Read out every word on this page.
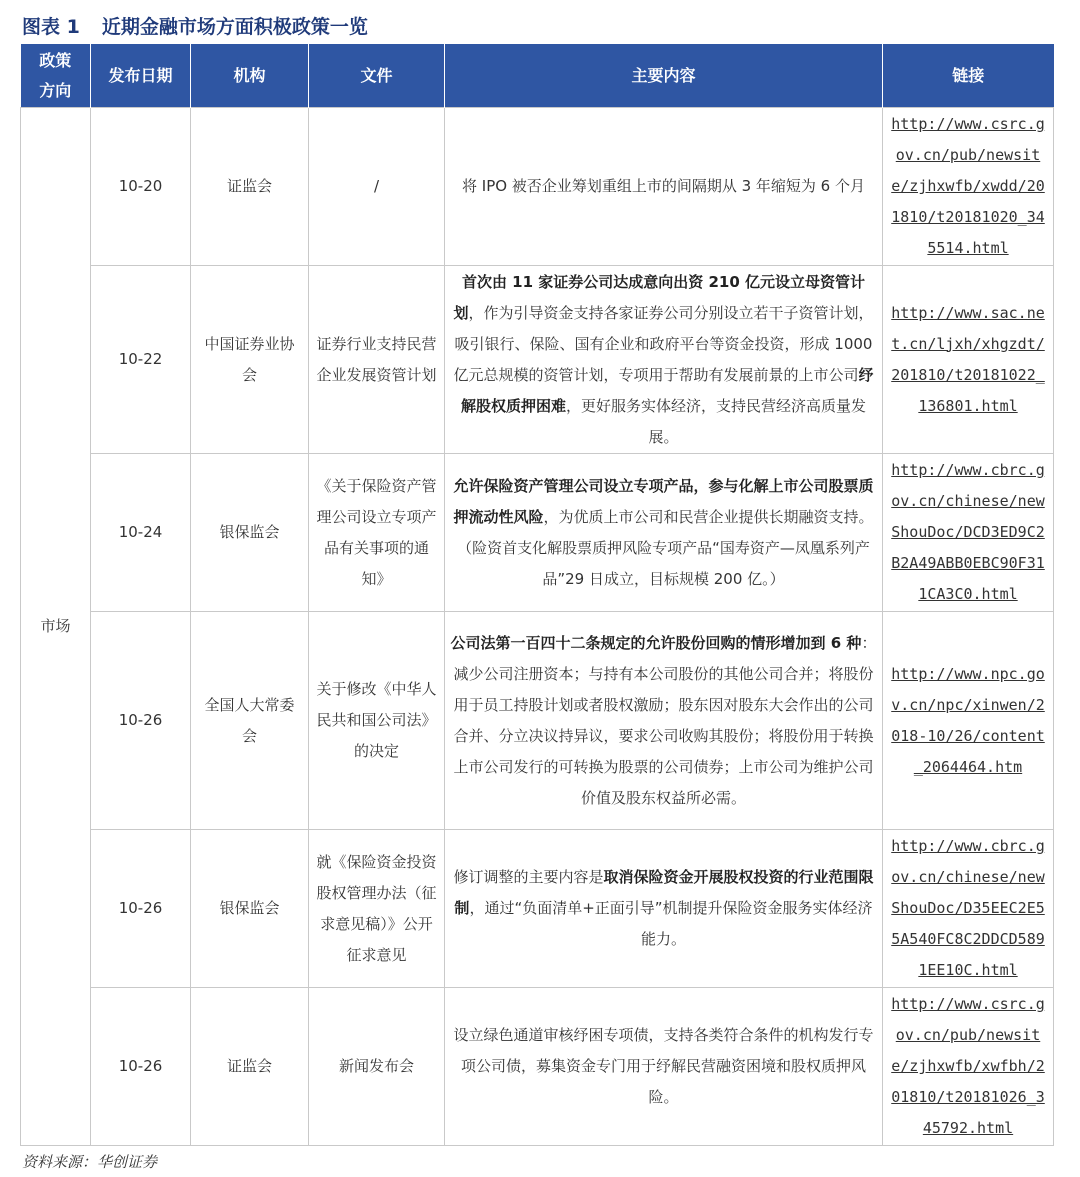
图表 1 近期金融市场方面积极政策一览
政策方向	发布日期	机构	文件	主要内容	链接
市场	10-20	证监会	/	将 IPO 被否企业筹划重组上市的间隔期从 3 年缩短为 6 个月	http://www.csrc.gov.cn/pub/newsite/zjhxwfb/xwdd/201810/t20181020_345514.html
	10-22	中国证券业协会	证券行业支持民营企业发展资管计划	首次由 11 家证券公司达成意向出资 210 亿元设立母资管计划，作为引导资金支持各家证券公司分别设立若干子资管计划，吸引银行、保险、国有企业和政府平台等资金投资，形成 1000 亿元总规模的资管计划，专项用于帮助有发展前景的上市公司纾解股权质押困难，更好服务实体经济，支持民营经济高质量发展。	http://www.sac.net.cn/ljxh/xhgzdt/201810/t20181022_136801.html
	10-24	银保监会	《关于保险资产管理公司设立专项产品有关事项的通知》	允许保险资产管理公司设立专项产品，参与化解上市公司股票质押流动性风险，为优质上市公司和民营企业提供长期融资支持。（险资首支化解股票质押风险专项产品“国寿资产—凤凰系列产品”29 日成立，目标规模 200 亿。）	http://www.cbrc.gov.cn/chinese/newShouDoc/DCD3ED9C2B2A49ABB0EBC90F311CA3C0.html
	10-26	全国人大常委会	关于修改《中华人民共和国公司法》的决定	公司法第一百四十二条规定的允许股份回购的情形增加到 6 种：减少公司注册资本；与持有本公司股份的其他公司合并；将股份用于员工持股计划或者股权激励；股东因对股东大会作出的公司合并、分立决议持异议，要求公司收购其股份；将股份用于转换上市公司发行的可转换为股票的公司债券；上市公司为维护公司价值及股东权益所必需。	http://www.npc.gov.cn/npc/xinwen/2018-10/26/content_2064464.htm
	10-26	银保监会	就《保险资金投资股权管理办法（征求意见稿）》公开征求意见	修订调整的主要内容是取消保险资金开展股权投资的行业范围限制，通过“负面清单+正面引导”机制提升保险资金服务实体经济能力。	http://www.cbrc.gov.cn/chinese/newShouDoc/D35EEC2E55A540FC8C2DDCD5891EE10C.html
	10-26	证监会	新闻发布会	设立绿色通道审核纾困专项债，支持各类符合条件的机构发行专项公司债，募集资金专门用于纾解民营融资困境和股权质押风险。	http://www.csrc.gov.cn/pub/newsite/zjhxwfb/xwfbh/201810/t20181026_345792.html
资料来源：华创证券
